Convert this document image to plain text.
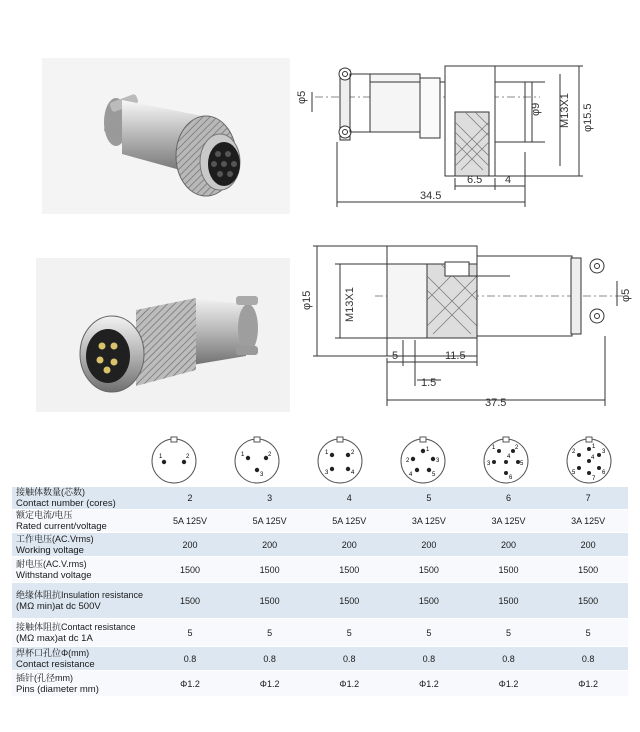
φ5
φ9 M13X1 φ15.5
6.5 4
34.5
φ15	M13X1	φ5
5	11.5
1.5
37.5
1	2	1	2
3
1	2
3	4
1
2	3
4	5
1	2
3
4
5
6
1
2	3
4
5	6
7
接触体数量(芯数)
Contact number (cores)	2	3	4	5	6	7

额定电流/电压
Rated current/voltage	5A 125V	5A 125V	5A 125V	3A 125V	3A 125V	3A 125V

工作电压(AC.Vrms)
Working voltage	200	200	200	200	200	200

耐电压(AC.V.rms)
Withstand voltage	1500	1500	1500	1500	1500	1500

绝缘体阻抗Insulation resistance
(MΩ min)at dc 500V	1500	1500	1500	1500	1500	1500

接触体阻抗Contact resistance
(MΩ max)at dc 1A	5	5	5	5	5	5

焊杯口孔位Φ(mm)
Contact resistance	0.8	0.8	0.8	0.8	0.8	0.8

插针(孔径mm)
Pins (diameter mm)	Φ1.2	Φ1.2	Φ1.2	Φ1.2	Φ1.2	Φ1.2
